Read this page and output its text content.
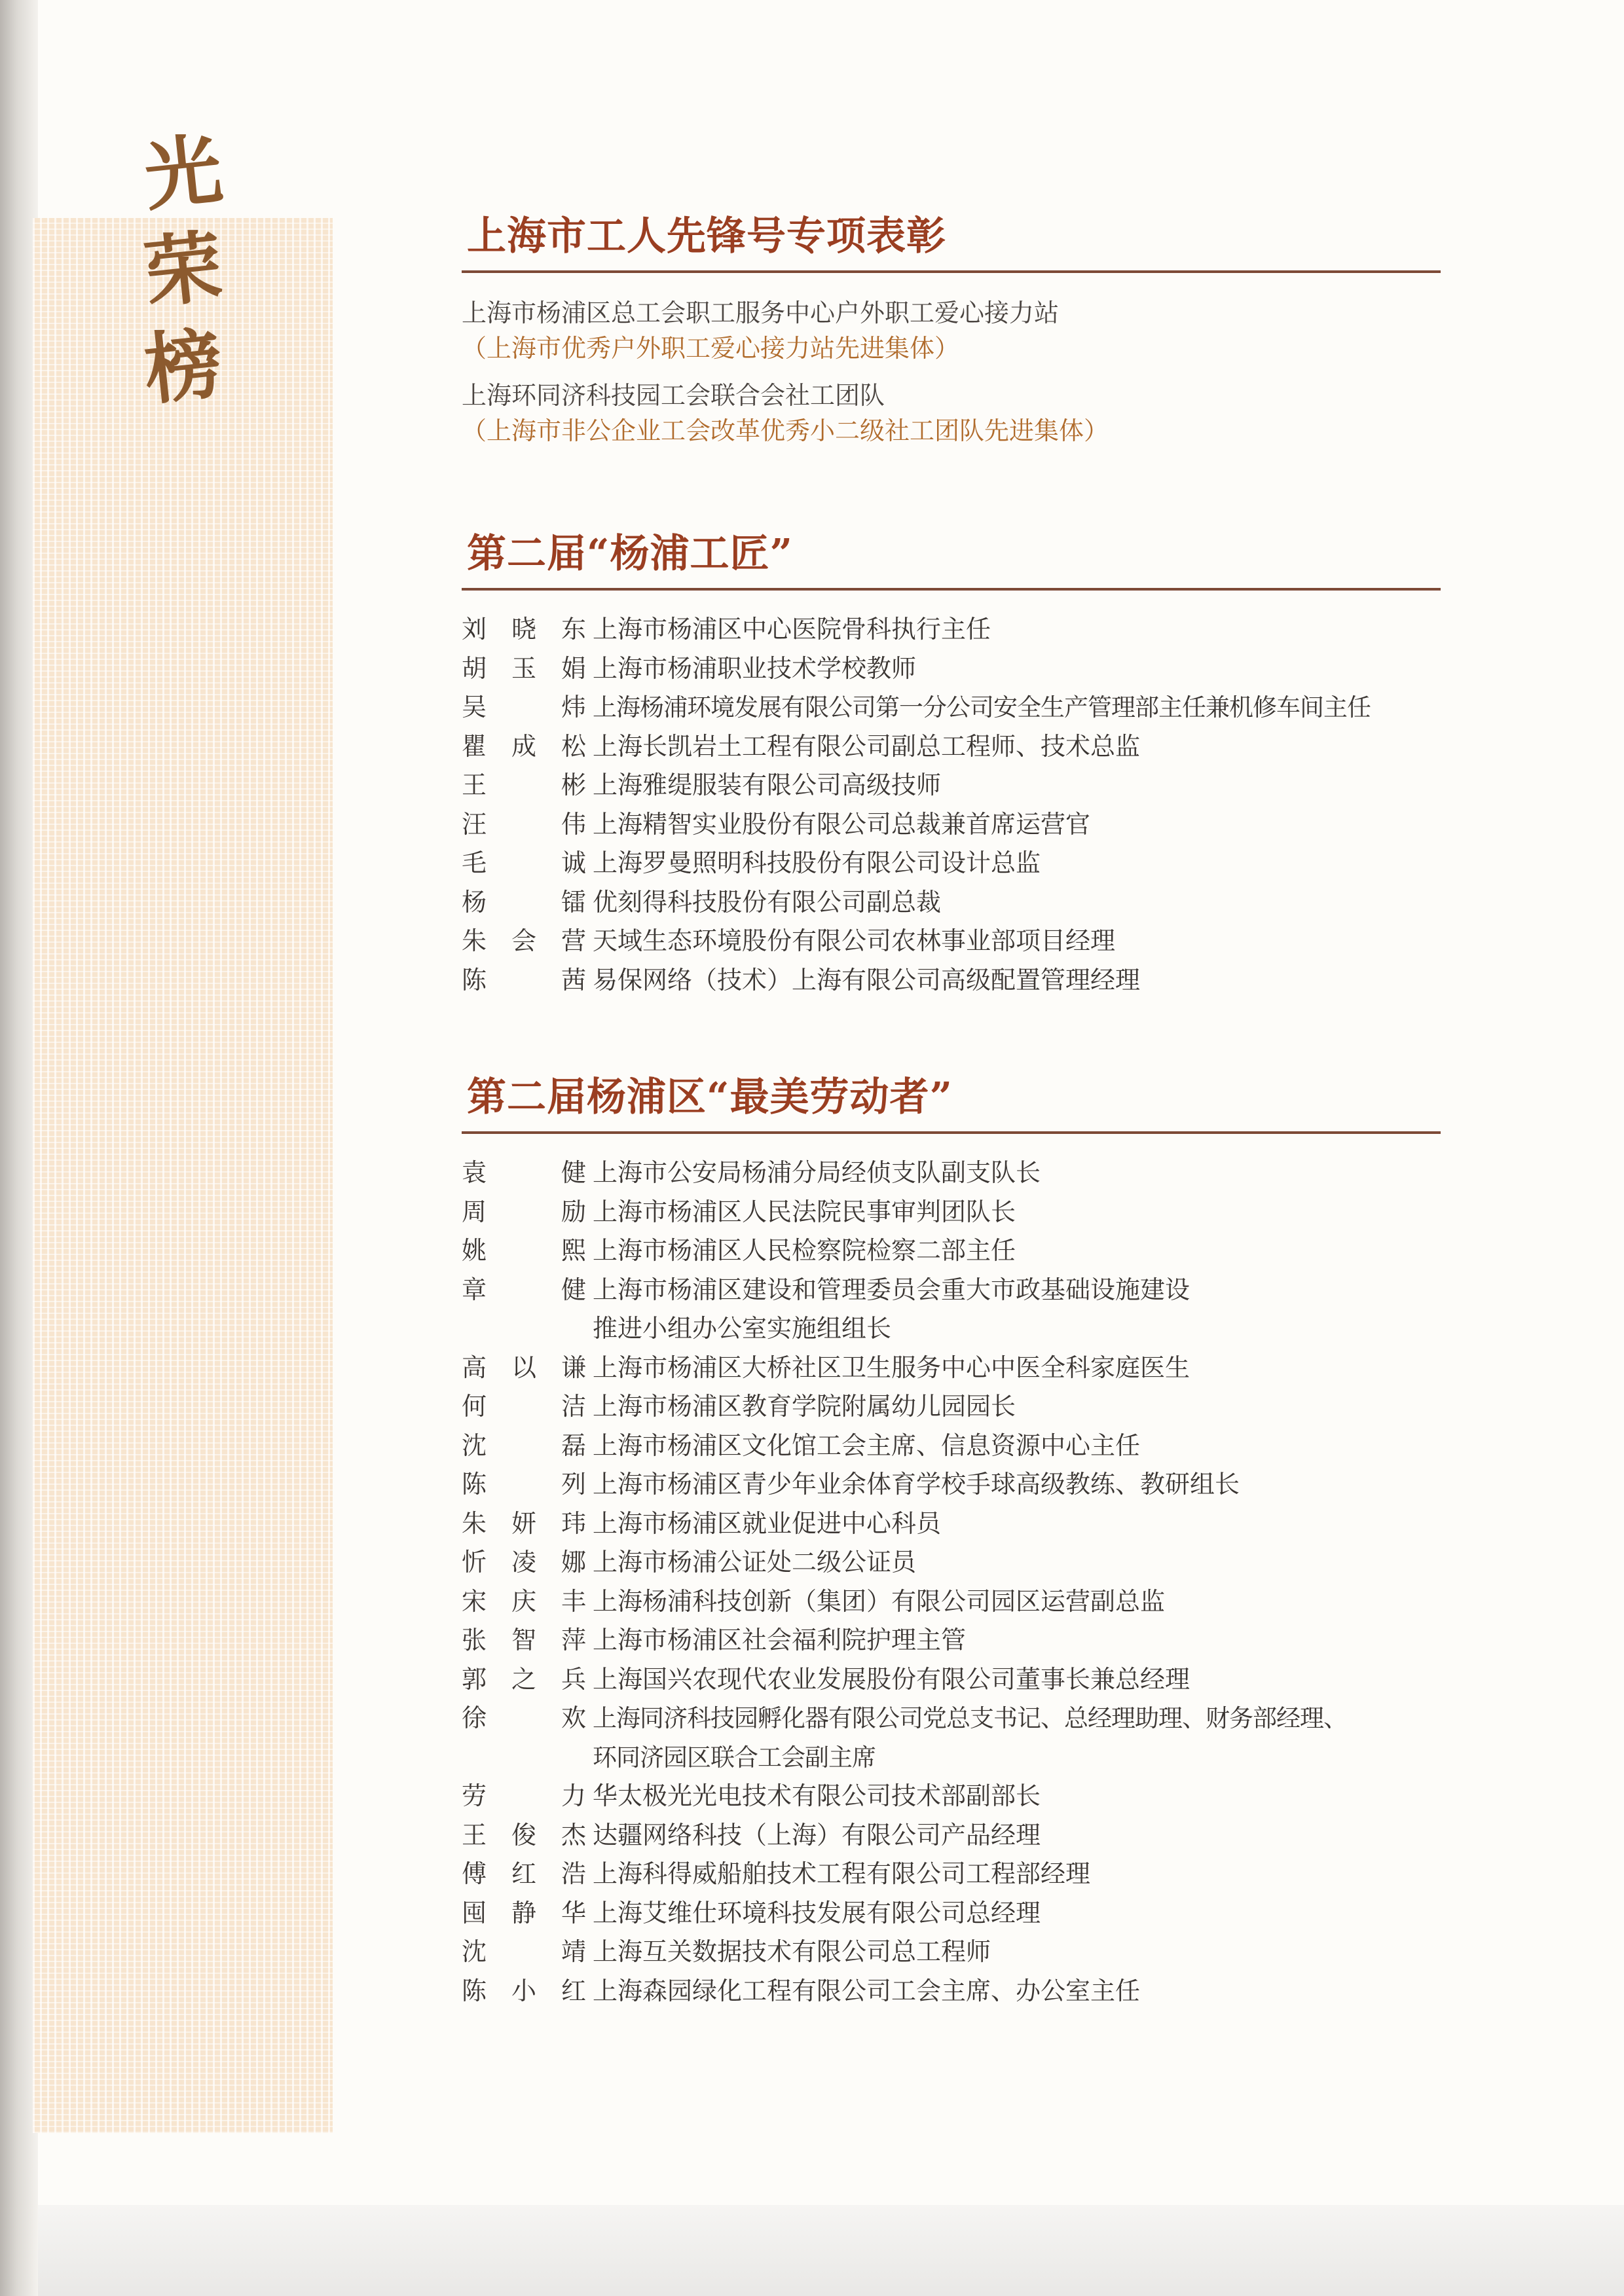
光
荣
榜
上海市工人先锋号专项表彰
上海市杨浦区总工会职工服务中心户外职工爱心接力站
（上海市优秀户外职工爱心接力站先进集体）
上海环同济科技园工会联合会社工团队
（上海市非公企业工会改革优秀小二级社工团队先进集体）
第二届“杨浦工匠”
刘晓东 上海市杨浦区中心医院骨科执行主任
胡玉娟 上海市杨浦职业技术学校教师
吴炜 上海杨浦环境发展有限公司第一分公司安全生产管理部主任兼机修车间主任
瞿成松 上海长凯岩土工程有限公司副总工程师、技术总监
王彬 上海雅缇服装有限公司高级技师
汪伟 上海精智实业股份有限公司总裁兼首席运营官
毛诚 上海罗曼照明科技股份有限公司设计总监
杨镭 优刻得科技股份有限公司副总裁
朱会营 天域生态环境股份有限公司农林事业部项目经理
陈茜 易保网络（技术）上海有限公司高级配置管理经理
第二届杨浦区“最美劳动者”
袁健 上海市公安局杨浦分局经侦支队副支队长
周励 上海市杨浦区人民法院民事审判团队长
姚熙 上海市杨浦区人民检察院检察二部主任
章健 上海市杨浦区建设和管理委员会重大市政基础设施建设
推进小组办公室实施组组长
高以谦 上海市杨浦区大桥社区卫生服务中心中医全科家庭医生
何洁 上海市杨浦区教育学院附属幼儿园园长
沈磊 上海市杨浦区文化馆工会主席、信息资源中心主任
陈列 上海市杨浦区青少年业余体育学校手球高级教练、教研组长
朱妍玮 上海市杨浦区就业促进中心科员
忻凌娜 上海市杨浦公证处二级公证员
宋庆丰 上海杨浦科技创新（集团）有限公司园区运营副总监
张智萍 上海市杨浦区社会福利院护理主管
郭之兵 上海国兴农现代农业发展股份有限公司董事长兼总经理
徐欢 上海同济科技园孵化器有限公司党总支书记、总经理助理、财务部经理、
环同济园区联合工会副主席
劳力 华太极光光电技术有限公司技术部副部长
王俊杰 达疆网络科技（上海）有限公司产品经理
傅红浩 上海科得威船舶技术工程有限公司工程部经理
囤静华 上海艾维仕环境科技发展有限公司总经理
沈靖 上海互关数据技术有限公司总工程师
陈小红 上海森园绿化工程有限公司工会主席、办公室主任
